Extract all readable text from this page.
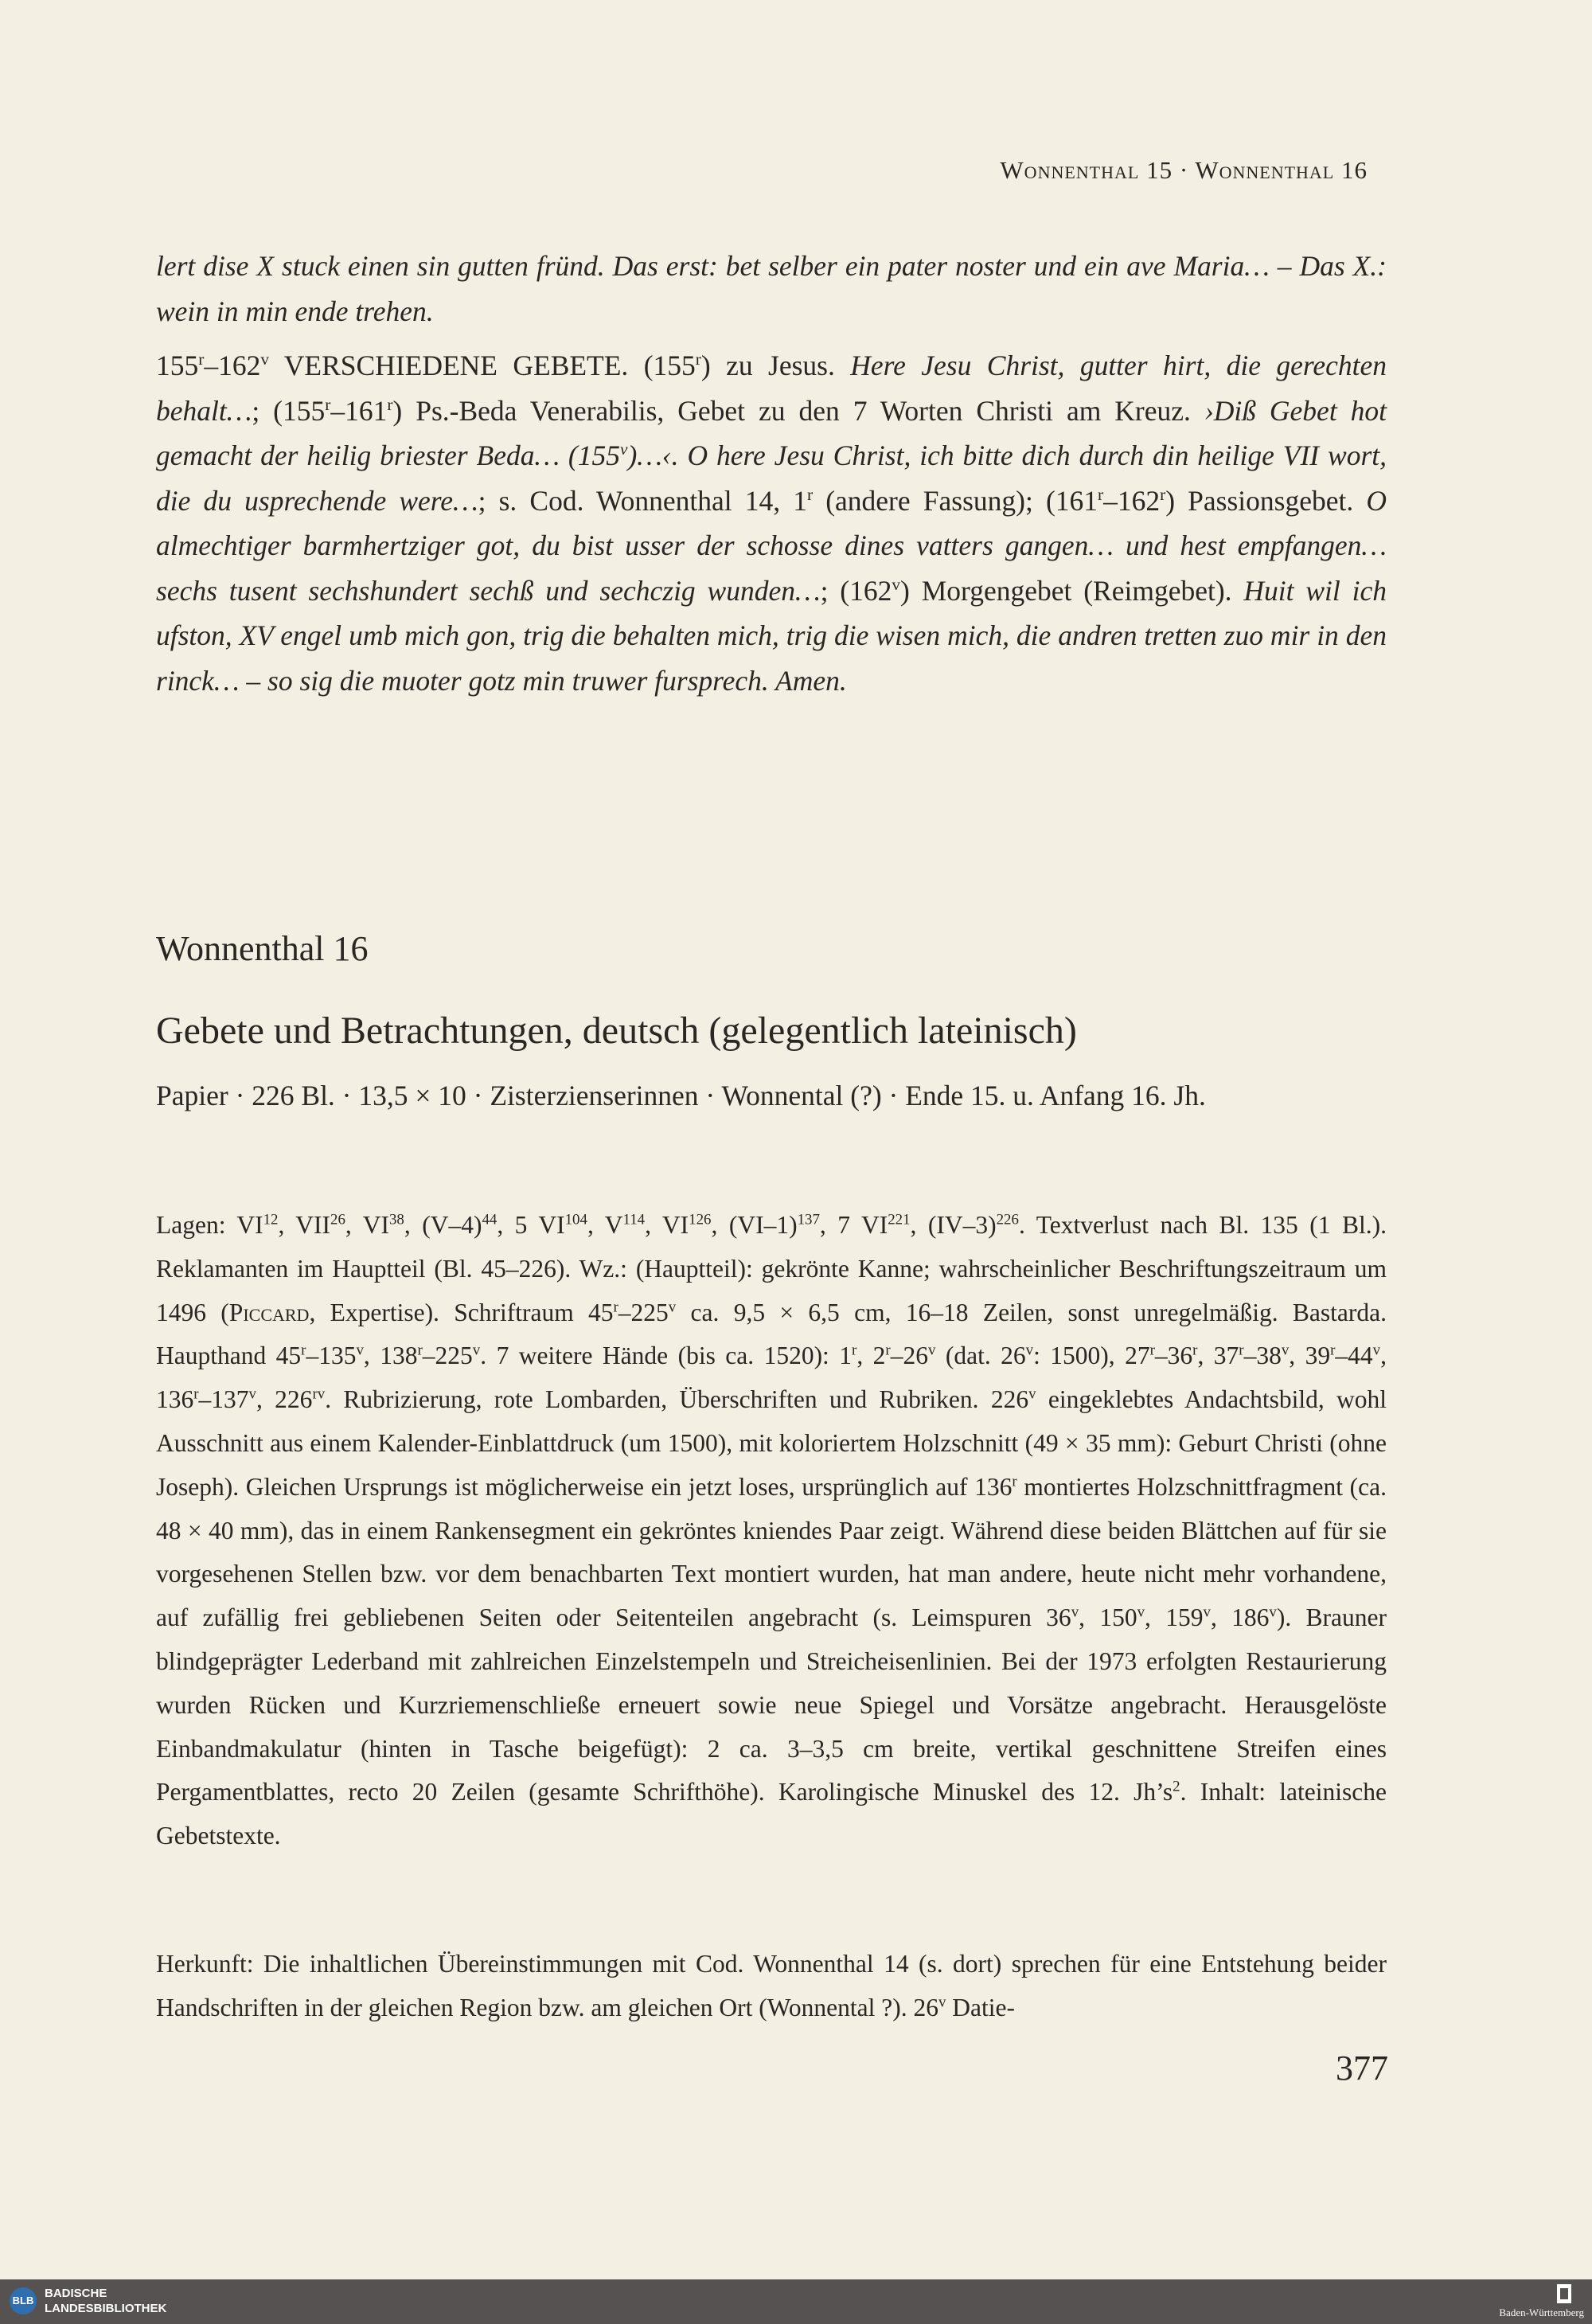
Wonnenthal 15 · Wonnenthal 16

lert dise X stuck einen sin gutten fründ. Das erst: bet selber ein pater noster und ein ave Maria… – Das X.: wein in min ende trehen.

155$^r$–162$^v$ VERSCHIEDENE GEBETE. (155$^r$) zu Jesus. Here Jesu Christ, gutter hirt, die gerechten behalt…; (155$^r$–161$^r$) Ps.-Beda Venerabilis, Gebet zu den 7 Worten Christi am Kreuz. ›Diß Gebet hot gemacht der heilig briester Beda… (155$^v$)…‹. O here Jesu Christ, ich bitte dich durch din heilige VII wort, die du usprechende were…; s. Cod. Wonnenthal 14, 1$^r$ (andere Fassung); (161$^r$–162$^r$) Passionsgebet. O almechtiger barmhertziger got, du bist usser der schosse dines vatters gangen… und hest empfangen… sechs tusent sechshundert sechß und sechczig wunden…; (162$^v$) Morgengebet (Reimgebet). Huit wil ich ufston, XV engel umb mich gon, trig die behalten mich, trig die wisen mich, die andren tretten zuo mir in den rinck… – so sig die muoter gotz min truwer fursprech. Amen.

Wonnenthal 16
Gebete und Betrachtungen, deutsch (gelegentlich lateinisch)
Papier · 226 Bl. · 13,5 × 10 · Zisterzienserinnen · Wonnental (?) · Ende 15. u. Anfang 16. Jh.

Lagen: VI$^{12}$, VII$^{26}$, VI$^{38}$, $(V-4)^{44}$, 5 VI$^{104}$, $V^{114}$, VI$^{126}$, $(VI-1)^{137}$, 7 VI$^{221}$, $(IV-3)^{226}$. Textverlust nach Bl. 135 (1 Bl.). Reklamanten im Hauptteil (Bl. 45–226). Wz.: (Hauptteil): gekrönte Kanne; wahrscheinlicher Beschriftungszeitraum um 1496 (Piccard, Expertise). Schriftraum 45$^r$–225$^v$ ca. 9,5 × 6,5 cm, 16–18 Zeilen, sonst unregelmäßig. Bastarda. Haupthand 45$^r$–135$^v$, 138$^r$–225$^v$. 7 weitere Hände (bis ca. 1520): 1$^r$, 2$^r$–26$^v$ (dat. 26$^v$: 1500), 27$^r$–36$^r$, 37$^r$–38$^v$, 39$^r$–44$^v$, 136$^r$–137$^v$, $226^{rv}$. Rubrizierung, rote Lombarden, Überschriften und Rubriken. 226$^v$ eingeklebtes Andachtsbild, wohl Ausschnitt aus einem Kalender-Einblattdruck (um 1500), mit koloriertem Holzschnitt (49 × 35 mm): Geburt Christi (ohne Joseph). Gleichen Ursprungs ist möglicherweise ein jetzt loses, ursprünglich auf 136$^r$ montiertes Holzschnittfragment (ca. 48 × 40 mm), das in einem Rankensegment ein gekröntes kniendes Paar zeigt. Während diese beiden Blättchen auf für sie vorgesehenen Stellen bzw. vor dem benachbarten Text montiert wurden, hat man andere, heute nicht mehr vorhandene, auf zufällig frei gebliebenen Seiten oder Seitenteilen angebracht (s. Leimspuren 36$^v$, 150$^v$, 159$^v$, 186$^v$). Brauner blindgeprägter Lederband mit zahlreichen Einzelstempeln und Streicheisenlinien. Bei der 1973 erfolgten Restaurierung wurden Rücken und Kurzriemenschließe erneuert sowie neue Spiegel und Vorsätze angebracht. Herausgelöste Einbandmakulatur (hinten in Tasche beigefügt): 2 ca. 3–3,5 cm breite, vertikal geschnittene Streifen eines Pergamentblattes, recto 20 Zeilen (gesamte Schrifthöhe). Karolingische Minuskel des 12. $Jh’s^2$. Inhalt: lateinische Gebetstexte.

Herkunft: Die inhaltlichen Übereinstimmungen mit Cod. Wonnenthal 14 (s. dort) sprechen für eine Entstehung beider Handschriften in der gleichen Region bzw. am gleichen Ort (Wonnental ?). 26$^v$ Datie-

377
BLB
BADISCHE
LANDESBIBLIOTHEK	Baden-Württemberg
